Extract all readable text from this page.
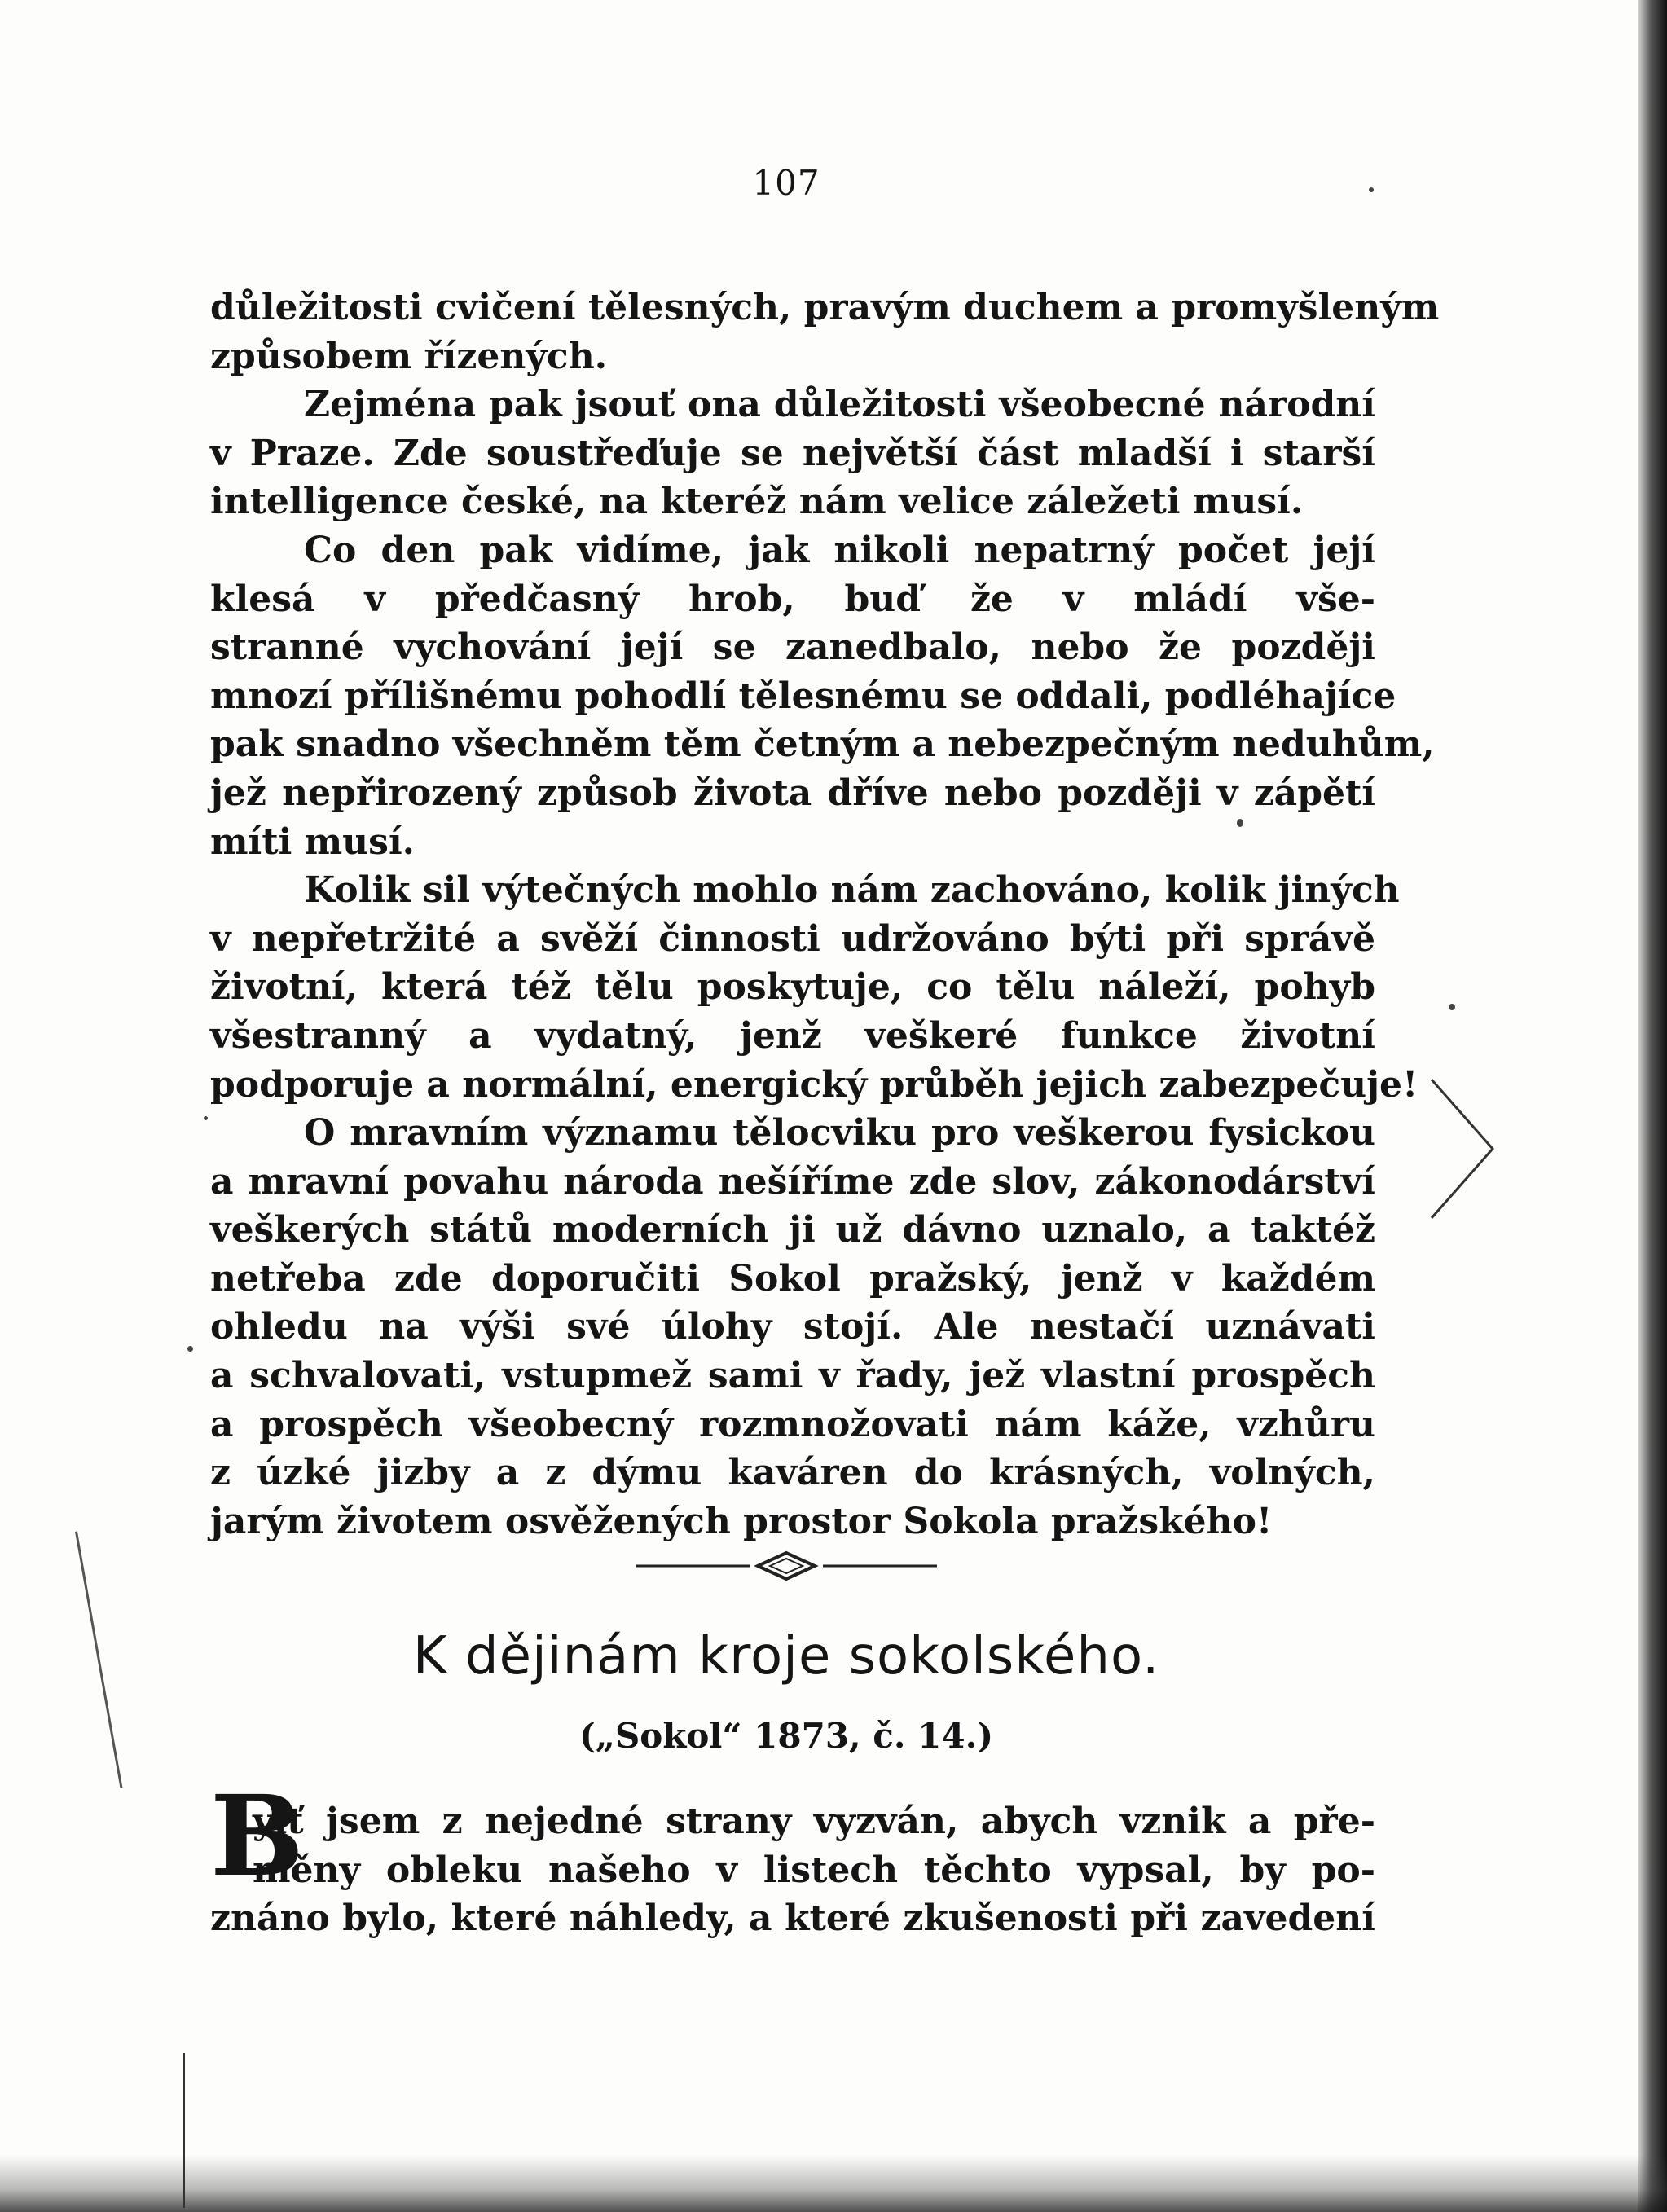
107
důležitosti cvičení tělesných, pravým duchem a promyšleným
způsobem řízených.
Zejména pak jsouť ona důležitosti všeobecné národní
v Praze. Zde soustřeďuje se největší část mladší i starší
intelligence české, na kteréž nám velice záležeti musí.
Co den pak vidíme, jak nikoli nepatrný počet její
klesá v předčasný hrob, buď že v mládí vše-
stranné vychování její se zanedbalo, nebo že později
mnozí přílišnému pohodlí tělesnému se oddali, podléhajíce
pak snadno všechněm těm četným a nebezpečným neduhům,
jež nepřirozený způsob života dříve nebo později v zápětí
míti musí.
Kolik sil výtečných mohlo nám zachováno, kolik jiných
v nepřetržité a svěží činnosti udržováno býti při správě
životní, která též tělu poskytuje, co tělu náleží, pohyb
všestranný a vydatný, jenž veškeré funkce životní
podporuje a normální, energický průběh jejich zabezpečuje!
O mravním významu tělocviku pro veškerou fysickou
a mravní povahu národa nešíříme zde slov, zákonodárství
veškerých států moderních ji už dávno uznalo, a taktéž
netřeba zde doporučiti Sokol pražský, jenž v každém
ohledu na výši své úlohy stojí. Ale nestačí uznávati
a schvalovati, vstupmež sami v řady, jež vlastní prospěch
a prospěch všeobecný rozmnožovati nám káže, vzhůru
z úzké jizby a z dýmu kaváren do krásných, volných,
jarým životem osvěžených prostor Sokola pražského!
K dějinám kroje sokolského.
(„Sokol“ 1873, č. 14.)
B
ylť jsem z nejedné strany vyzván, abych vznik a pře-
měny obleku našeho v listech těchto vypsal, by po-
znáno bylo, které náhledy, a které zkušenosti při zavedení
